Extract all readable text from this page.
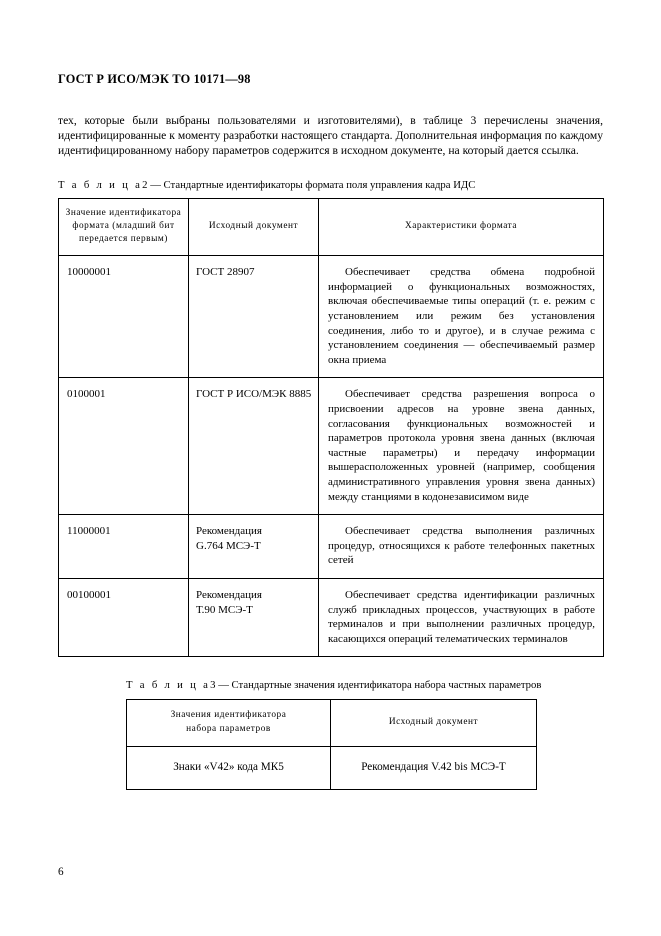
ГОСТ Р ИСО/МЭК ТО 10171—98

тех, которые были выбраны пользователями и изготовителями), в таблице 3 перечислены значения, идентифицированные к моменту разработки настоящего стандарта. Дополнительная информация по каждому идентифицированному набору параметров содержится в исходном документе, на который дается ссылка.

Т а б л и ц а2 — Стандартные идентификаторы формата поля управления кадра ИДС
Значение идентификатора
формата (младший бит
передается первым)	Исходный документ	Характеристики формата
10000001	ГОСТ 28907	Обеспечивает средства обмена подробной информацией о функциональных возможностях, включая обеспечиваемые типы операций (т. е. режим с установлением или режим без установления соединения, либо то и другое), и в случае режима с установлением соединения — обеспечиваемый размер окна приема
0100001	ГОСТ Р ИСО/МЭК 8885	Обеспечивает средства разрешения вопроса о присвоении адресов на уровне звена данных, согласования функциональных возможностей и параметров протокола уровня звена данных (включая частные параметры) и передачу информации вышерасположенных уровней (например, сообщения административного управления уровня звена данных) между станциями в кодонезависимом виде
11000001	Рекомендация
G.764 МСЭ-Т	Обеспечивает средства выполнения различных процедур, относящихся к работе телефонных пакетных сетей
00100001	Рекомендация
Т.90 МСЭ-Т	Обеспечивает средства идентификации различных служб прикладных процессов, участвующих в работе терминалов и при выполнении различных процедур, касающихся операций телематических терминалов
Т а б л и ц а3 — Стандартные значения идентификатора набора частных параметров
Значения идентификатора
набора параметров	Исходный документ
Знаки «V42» кода МК5	Рекомендация V.42 bis МСЭ-Т
6
